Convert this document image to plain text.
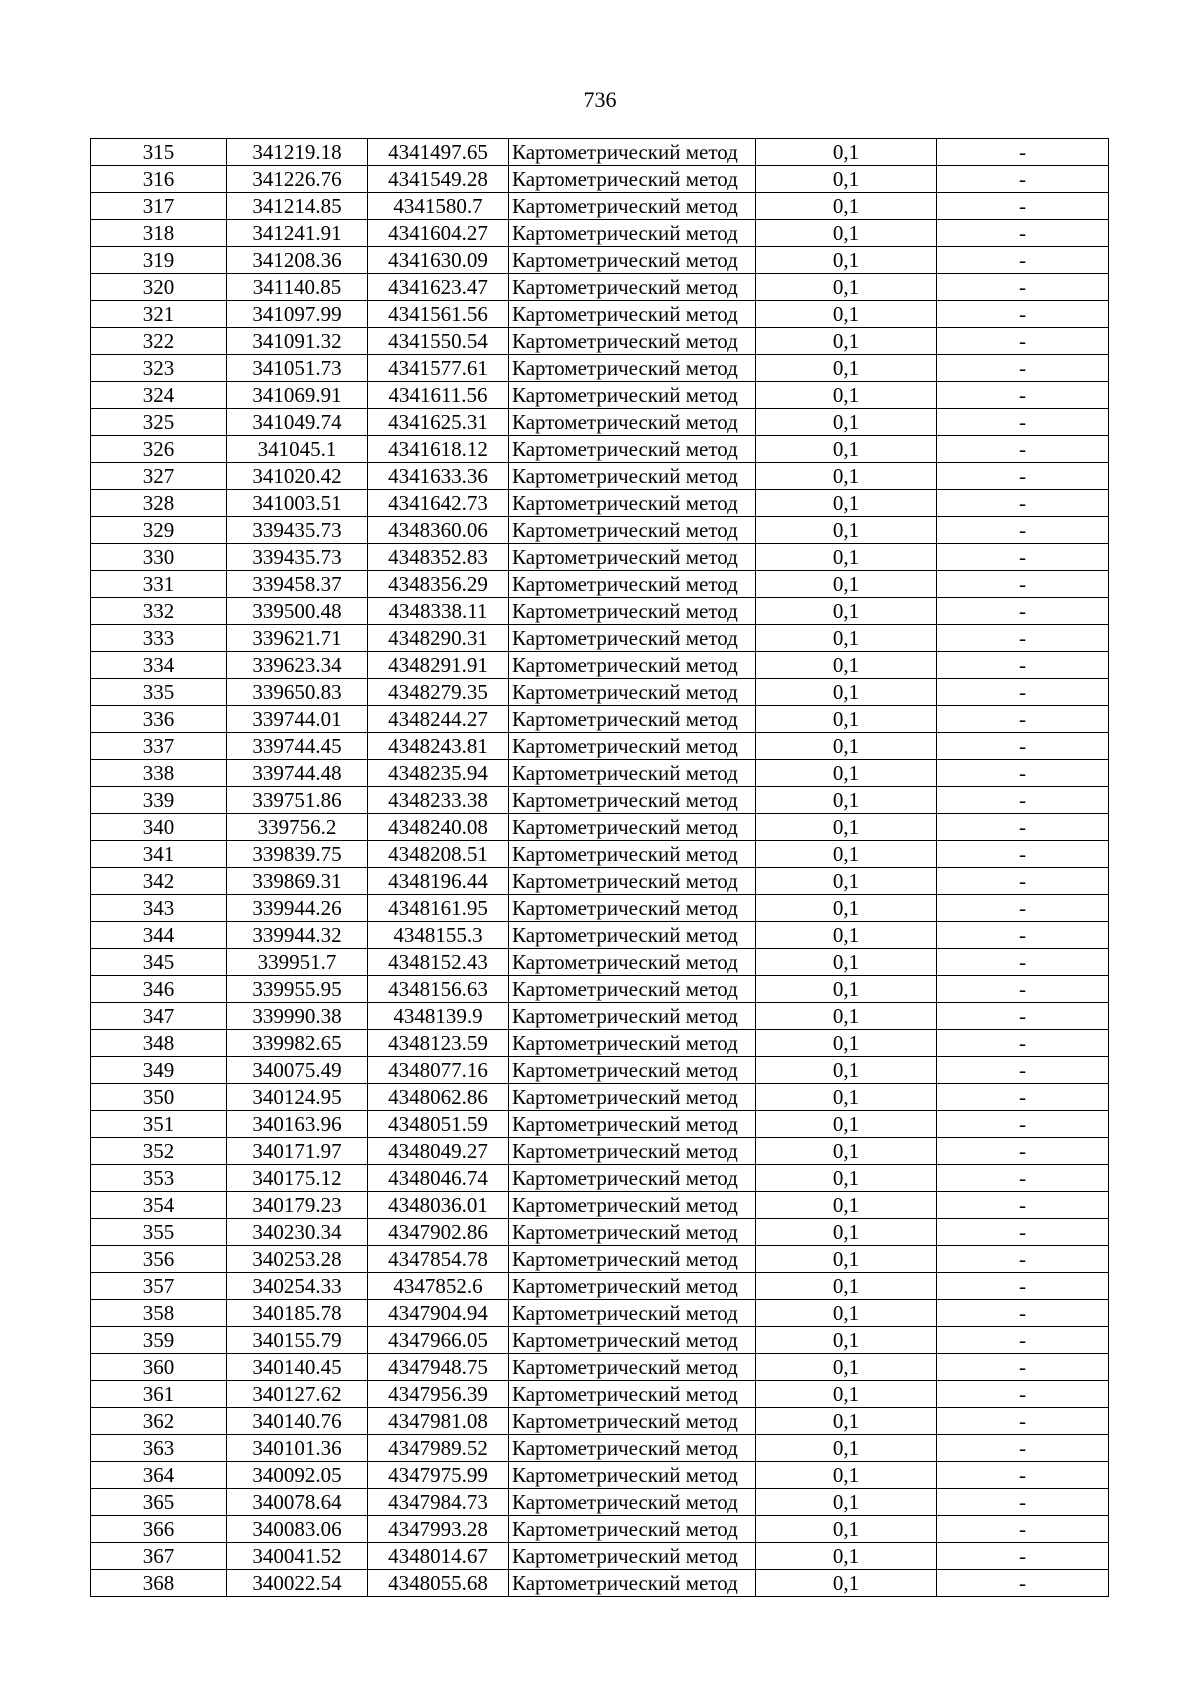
736
315	341219.18	4341497.65	Картометрический метод	0,1	-
316	341226.76	4341549.28	Картометрический метод	0,1	-
317	341214.85	4341580.7	Картометрический метод	0,1	-
318	341241.91	4341604.27	Картометрический метод	0,1	-
319	341208.36	4341630.09	Картометрический метод	0,1	-
320	341140.85	4341623.47	Картометрический метод	0,1	-
321	341097.99	4341561.56	Картометрический метод	0,1	-
322	341091.32	4341550.54	Картометрический метод	0,1	-
323	341051.73	4341577.61	Картометрический метод	0,1	-
324	341069.91	4341611.56	Картометрический метод	0,1	-
325	341049.74	4341625.31	Картометрический метод	0,1	-
326	341045.1	4341618.12	Картометрический метод	0,1	-
327	341020.42	4341633.36	Картометрический метод	0,1	-
328	341003.51	4341642.73	Картометрический метод	0,1	-
329	339435.73	4348360.06	Картометрический метод	0,1	-
330	339435.73	4348352.83	Картометрический метод	0,1	-
331	339458.37	4348356.29	Картометрический метод	0,1	-
332	339500.48	4348338.11	Картометрический метод	0,1	-
333	339621.71	4348290.31	Картометрический метод	0,1	-
334	339623.34	4348291.91	Картометрический метод	0,1	-
335	339650.83	4348279.35	Картометрический метод	0,1	-
336	339744.01	4348244.27	Картометрический метод	0,1	-
337	339744.45	4348243.81	Картометрический метод	0,1	-
338	339744.48	4348235.94	Картометрический метод	0,1	-
339	339751.86	4348233.38	Картометрический метод	0,1	-
340	339756.2	4348240.08	Картометрический метод	0,1	-
341	339839.75	4348208.51	Картометрический метод	0,1	-
342	339869.31	4348196.44	Картометрический метод	0,1	-
343	339944.26	4348161.95	Картометрический метод	0,1	-
344	339944.32	4348155.3	Картометрический метод	0,1	-
345	339951.7	4348152.43	Картометрический метод	0,1	-
346	339955.95	4348156.63	Картометрический метод	0,1	-
347	339990.38	4348139.9	Картометрический метод	0,1	-
348	339982.65	4348123.59	Картометрический метод	0,1	-
349	340075.49	4348077.16	Картометрический метод	0,1	-
350	340124.95	4348062.86	Картометрический метод	0,1	-
351	340163.96	4348051.59	Картометрический метод	0,1	-
352	340171.97	4348049.27	Картометрический метод	0,1	-
353	340175.12	4348046.74	Картометрический метод	0,1	-
354	340179.23	4348036.01	Картометрический метод	0,1	-
355	340230.34	4347902.86	Картометрический метод	0,1	-
356	340253.28	4347854.78	Картометрический метод	0,1	-
357	340254.33	4347852.6	Картометрический метод	0,1	-
358	340185.78	4347904.94	Картометрический метод	0,1	-
359	340155.79	4347966.05	Картометрический метод	0,1	-
360	340140.45	4347948.75	Картометрический метод	0,1	-
361	340127.62	4347956.39	Картометрический метод	0,1	-
362	340140.76	4347981.08	Картометрический метод	0,1	-
363	340101.36	4347989.52	Картометрический метод	0,1	-
364	340092.05	4347975.99	Картометрический метод	0,1	-
365	340078.64	4347984.73	Картометрический метод	0,1	-
366	340083.06	4347993.28	Картометрический метод	0,1	-
367	340041.52	4348014.67	Картометрический метод	0,1	-
368	340022.54	4348055.68	Картометрический метод	0,1	-
